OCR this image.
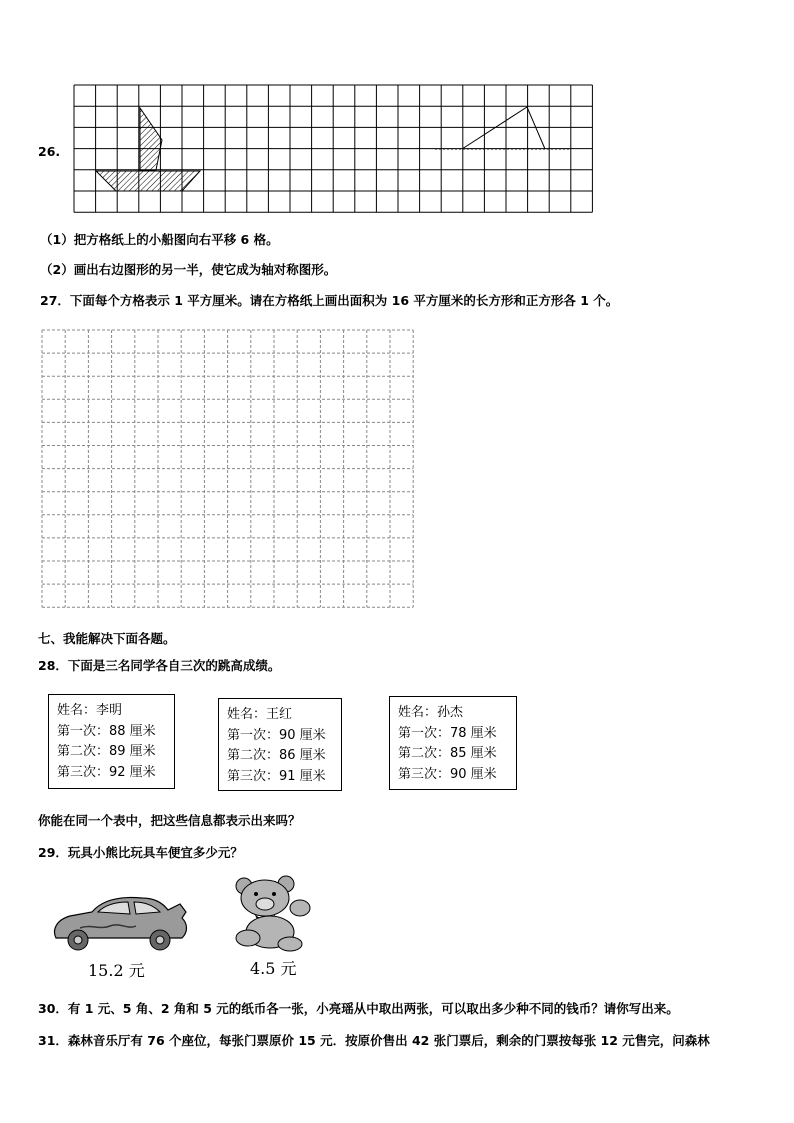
26.
（1）把方格纸上的小船图向右平移 6 格。
（2）画出右边图形的另一半，使它成为轴对称图形。
27．下面每个方格表示 1 平方厘米。请在方格纸上画出面积为 16 平方厘米的长方形和正方形各 1 个。
七、我能解决下面各题。
28．下面是三名同学各自三次的跳高成绩。
姓名：李明
第一次：88 厘米
第二次：89 厘米
第三次：92 厘米
姓名：王红
第一次：90 厘米
第二次：86 厘米
第三次：91 厘米
姓名：孙杰
第一次：78 厘米
第二次：85 厘米
第三次：90 厘米
你能在同一个表中，把这些信息都表示出来吗？
29．玩具小熊比玩具车便宜多少元？
15.2 元	4.5 元
30．有 1 元、5 角、2 角和 5 元的纸币各一张，小亮瑶从中取出两张，可以取出多少种不同的钱币？请你写出来。
31．森林音乐厅有 76 个座位，每张门票原价 15 元．按原价售出 42 张门票后，剩余的门票按每张 12 元售完，问森林
